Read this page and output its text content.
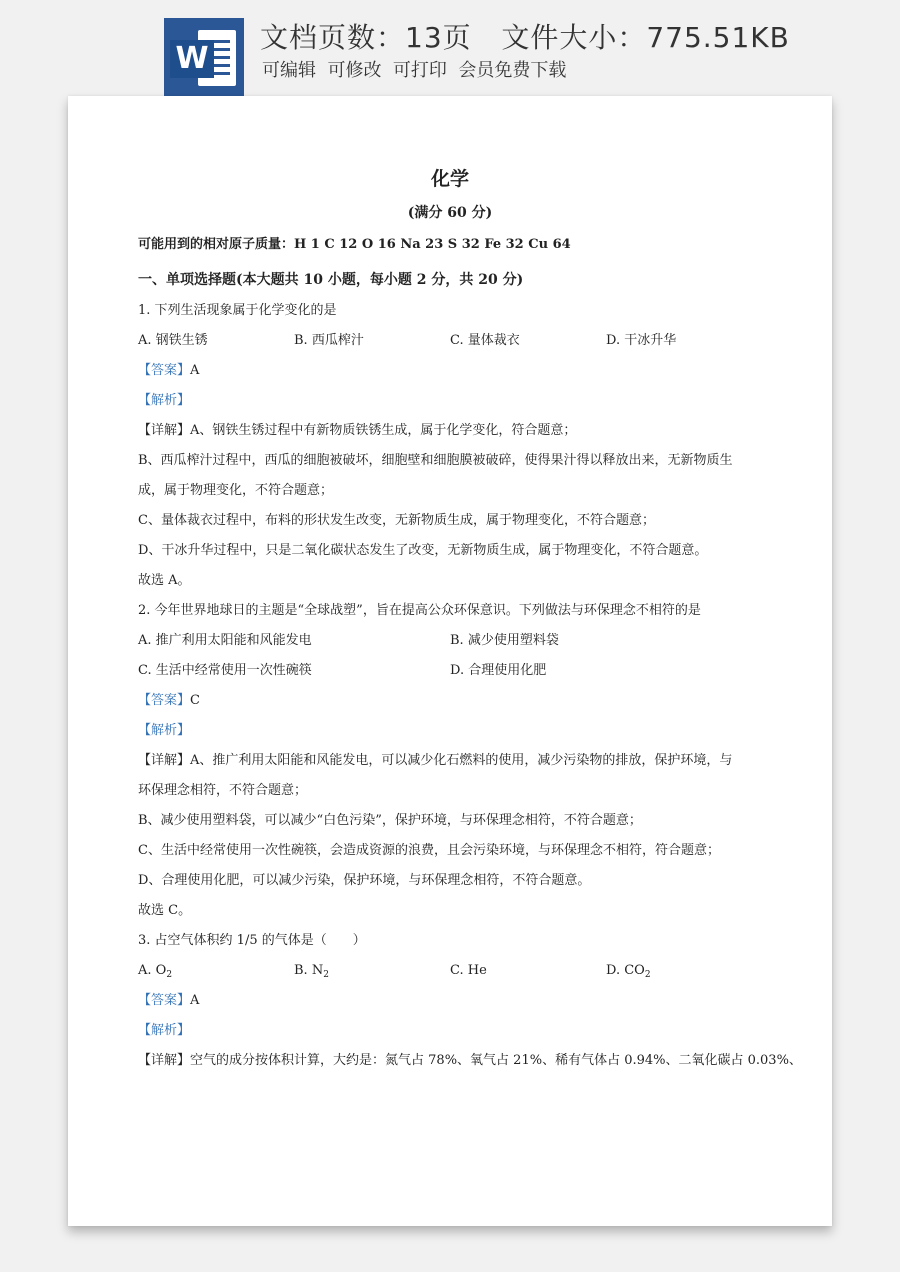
W
文档页数：13页   文件大小：775.51KB
可编辑  可修改  可打印  会员免费下载
化学
(满分 60 分)
可能用到的相对原子质量：H 1 C 12 O 16 Na 23 S 32 Fe 32 Cu 64
一、单项选择题(本大题共 10 小题，每小题 2 分，共 20 分)
1. 下列生活现象属于化学变化的是
A. 钢铁生锈	B. 西瓜榨汁	C. 量体裁衣	D. 干冰升华
【答案】A
【解析】
【详解】A、钢铁生锈过程中有新物质铁锈生成，属于化学变化，符合题意；
B、西瓜榨汁过程中，西瓜的细胞被破坏，细胞壁和细胞膜被破碎，使得果汁得以释放出来，无新物质生
成，属于物理变化，不符合题意；
C、量体裁衣过程中，布料的形状发生改变，无新物质生成，属于物理变化，不符合题意；
D、干冰升华过程中，只是二氧化碳状态发生了改变，无新物质生成，属于物理变化，不符合题意。
故选 A。
2. 今年世界地球日的主题是“全球战塑”，旨在提高公众环保意识。下列做法与环保理念不相符的是
A. 推广利用太阳能和风能发电	B. 减少使用塑料袋
C. 生活中经常使用一次性碗筷	D. 合理使用化肥
【答案】C
【解析】
【详解】A、推广利用太阳能和风能发电，可以减少化石燃料的使用，减少污染物的排放，保护环境，与
环保理念相符，不符合题意；
B、减少使用塑料袋，可以减少“白色污染”，保护环境，与环保理念相符，不符合题意；
C、生活中经常使用一次性碗筷，会造成资源的浪费，且会污染环境，与环保理念不相符，符合题意；
D、合理使用化肥，可以减少污染，保护环境，与环保理念相符，不符合题意。
故选 C。
3. 占空气体积约 1/5 的气体是（　　）
A. $O_2$	B. $N_2$	C. He	D. $CO_2$
【答案】A
【解析】
【详解】空气的成分按体积计算，大约是：氮气占 78%、氧气占 21%、稀有气体占 0.94%、二氧化碳占 0.03%、
